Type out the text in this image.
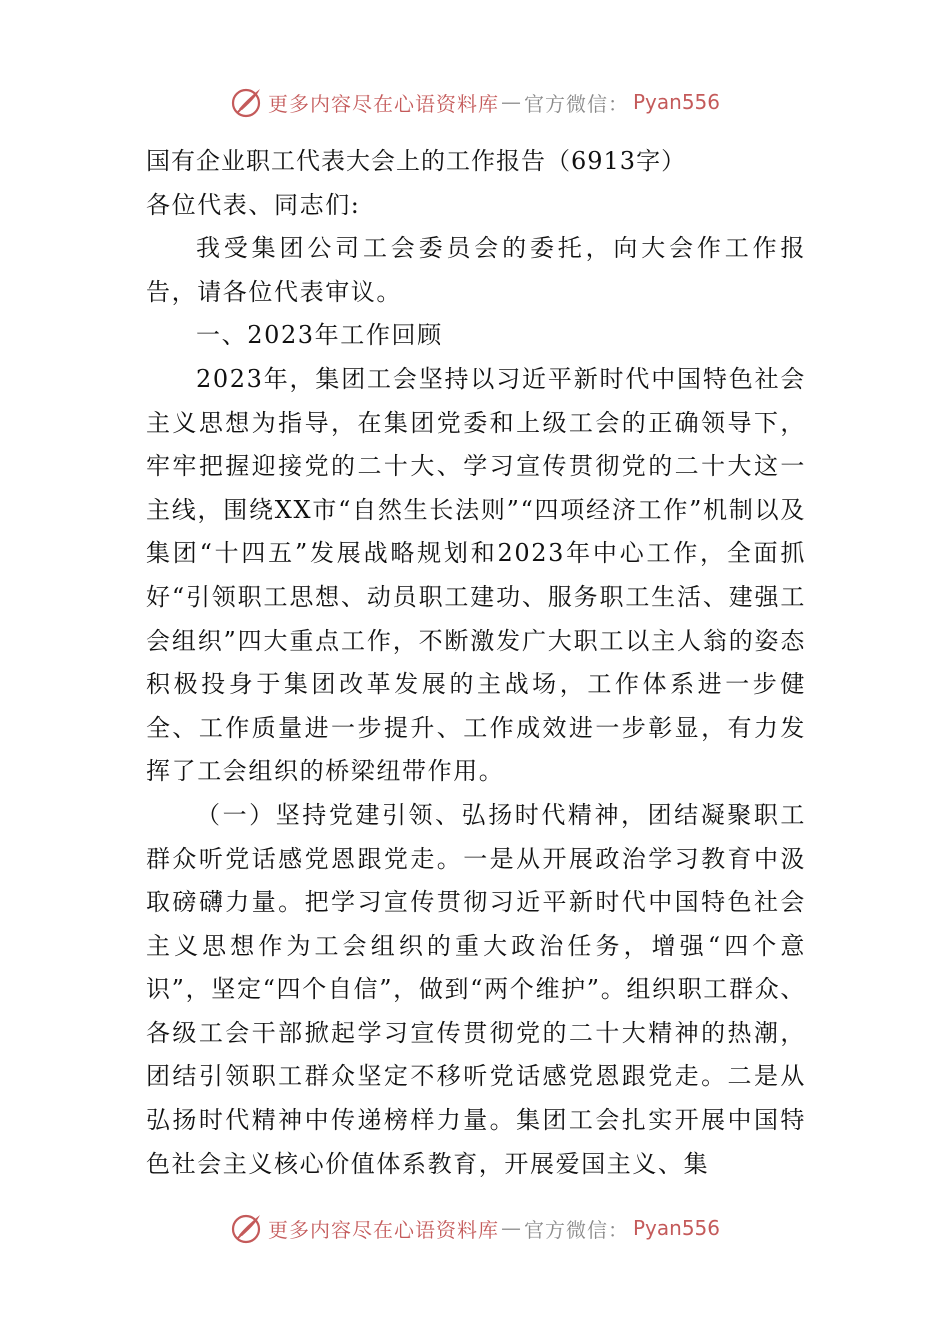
更多内容尽在心语资料库 — 官方微信： Pyan556

国有企业职工代表大会上的工作报告（6913字）

各位代表、同志们:

我受集团公司工会委员会的委托，向大会作工作报告，请各位代表审议。

一、2023年工作回顾

2023年，集团工会坚持以习近平新时代中国特色社会主义思想为指导，在集团党委和上级工会的正确领导下，牢牢把握迎接党的二十大、学习宣传贯彻党的二十大这一主线，围绕XX市“自然生长法则”“四项经济工作”机制以及集团“十四五”发展战略规划和2023年中心工作，全面抓好“引领职工思想、动员职工建功、服务职工生活、建强工会组织”四大重点工作，不断激发广大职工以主人翁的姿态积极投身于集团改革发展的主战场，工作体系进一步健全、工作质量进一步提升、工作成效进一步彰显，有力发挥了工会组织的桥梁纽带作用。

（一）坚持党建引领、弘扬时代精神，团结凝聚职工群众听党话感党恩跟党走。一是从开展政治学习教育中汲取磅礴力量。把学习宣传贯彻习近平新时代中国特色社会主义思想作为工会组织的重大政治任务，增强“四个意识”，坚定“四个自信”，做到“两个维护”。组织职工群众、各级工会干部掀起学习宣传贯彻党的二十大精神的热潮，团结引领职工群众坚定不移听党话感党恩跟党走。二是从弘扬时代精神中传递榜样力量。集团工会扎实开展中国特色社会主义核心价值体系教育，开展爱国主义、集

更多内容尽在心语资料库 — 官方微信： Pyan556
